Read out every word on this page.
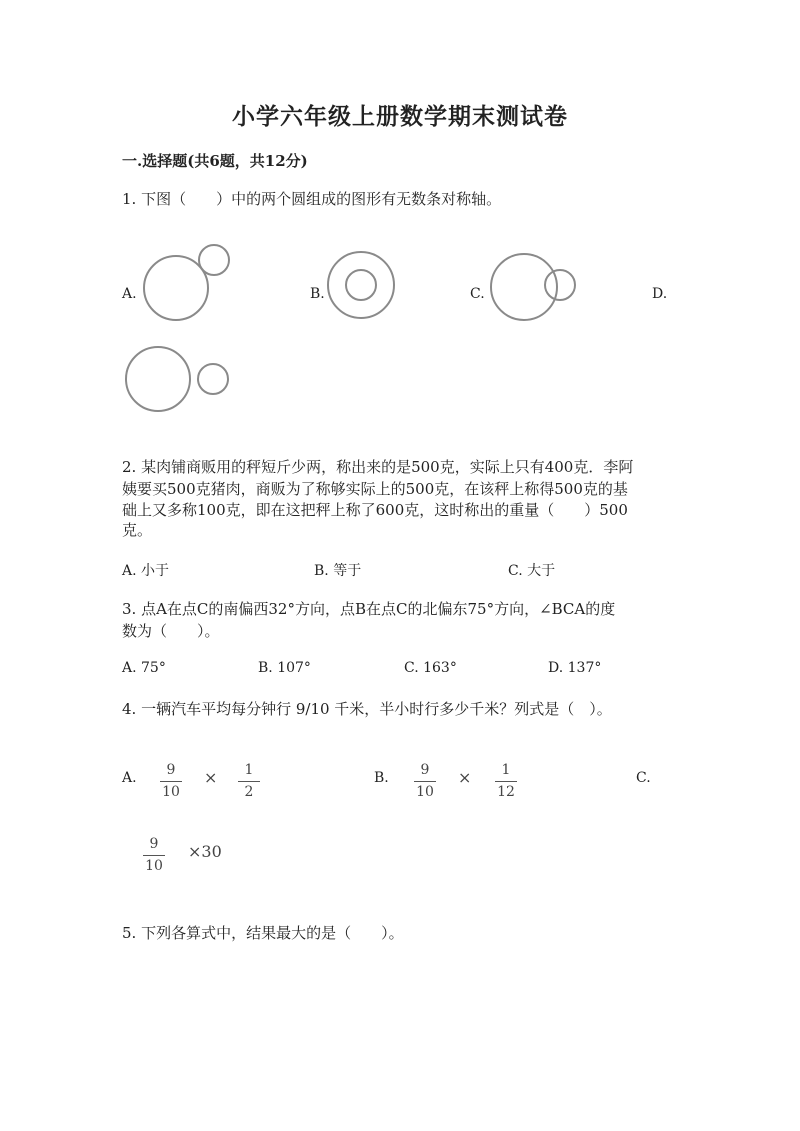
小学六年级上册数学期末测试卷
一.选择题(共6题，共12分)
1. 下图（　　）中的两个圆组成的图形有无数条对称轴。
A.	B.	C.	D.
2. 某肉铺商贩用的秤短斤少两，称出来的是500克，实际上只有400克．李阿
姨要买500克猪肉，商贩为了称够实际上的500克，在该秤上称得500克的基
础上又多称100克，即在这把秤上称了600克，这时称出的重量（　　）500
克。
A. 小于	B. 等于	C. 大于
3. 点A在点C的南偏西32°方向，点B在点C的北偏东75°方向，∠BCA的度
数为（　　）。
A. 75°	B. 107°	C. 163°	D. 137°
4. 一辆汽车平均每分钟行 9/10 千米，半小时行多少千米？列式是（　）。
A. 9
10
× 1
2
B. 9
10
× 1
12
C.
9
10
×30
5. 下列各算式中，结果最大的是（　　）。
